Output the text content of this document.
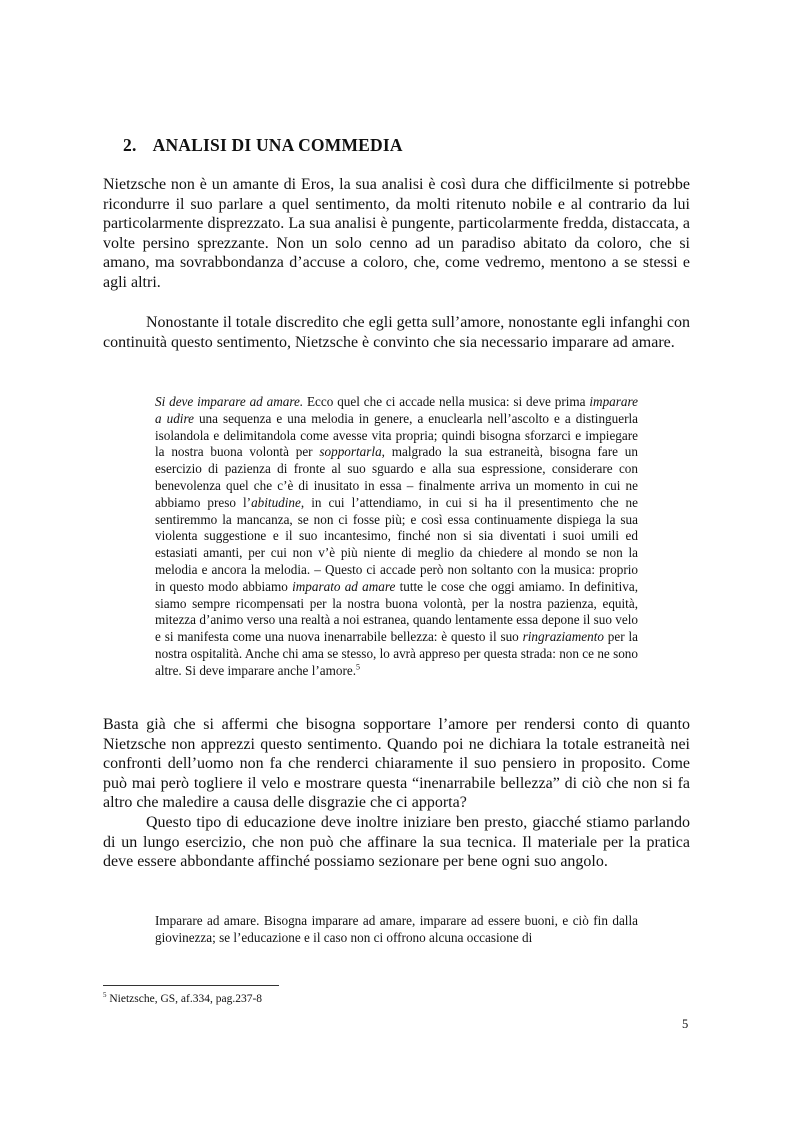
2. ANALISI DI UNA COMMEDIA

Nietzsche non è un amante di Eros, la sua analisi è così dura che difficilmente si potrebbe ricondurre il suo parlare a quel sentimento, da molti ritenuto nobile e al contrario da lui particolarmente disprezzato. La sua analisi è pungente, particolarmente fredda, distaccata, a volte persino sprezzante. Non un solo cenno ad un paradiso abitato da coloro, che si amano, ma sovrabbondanza d’accuse a coloro, che, come vedremo, mentono a se stessi e agli altri.

Nonostante il totale discredito che egli getta sull’amore, nonostante egli infanghi con continuità questo sentimento, Nietzsche è convinto che sia necessario imparare ad amare.

Si deve imparare ad amare. Ecco quel che ci accade nella musica: si deve prima imparare a udire una sequenza e una melodia in genere, a enuclearla nell’ascolto e a distinguerla isolandola e delimitandola come avesse vita propria; quindi bisogna sforzarci e impiegare la nostra buona volontà per sopportarla, malgrado la sua estraneità, bisogna fare un esercizio di pazienza di fronte al suo sguardo e alla sua espressione, considerare con benevolenza quel che c’è di inusitato in essa – finalmente arriva un momento in cui ne abbiamo preso l’abitudine, in cui l’attendiamo, in cui si ha il presentimento che ne sentiremmo la mancanza, se non ci fosse più; e così essa continuamente dispiega la sua violenta suggestione e il suo incantesimo, finché non si sia diventati i suoi umili ed estasiati amanti, per cui non v’è più niente di meglio da chiedere al mondo se non la melodia e ancora la melodia. – Questo ci accade però non soltanto con la musica: proprio in questo modo abbiamo imparato ad amare tutte le cose che oggi amiamo. In definitiva, siamo sempre ricompensati per la nostra buona volontà, per la nostra pazienza, equità, mitezza d’animo verso una realtà a noi estranea, quando lentamente essa depone il suo velo e si manifesta come una nuova inenarrabile bellezza: è questo il suo ringraziamento per la nostra ospitalità. Anche chi ama se stesso, lo avrà appreso per questa strada: non ce ne sono altre. Si deve imparare anche l’amore.$^5$

Basta già che si affermi che bisogna sopportare l’amore per rendersi conto di quanto Nietzsche non apprezzi questo sentimento. Quando poi ne dichiara la totale estraneità nei confronti dell’uomo non fa che renderci chiaramente il suo pensiero in proposito. Come può mai però togliere il velo e mostrare questa “inenarrabile bellezza” di ciò che non si fa altro che maledire a causa delle disgrazie che ci apporta?

Questo tipo di educazione deve inoltre iniziare ben presto, giacché stiamo parlando di un lungo esercizio, che non può che affinare la sua tecnica. Il materiale per la pratica deve essere abbondante affinché possiamo sezionare per bene ogni suo angolo.

Imparare ad amare. Bisogna imparare ad amare, imparare ad essere buoni, e ciò fin dalla giovinezza; se l’educazione e il caso non ci offrono alcuna occasione di

$^5$ Nietzsche, GS, af.334, pag.237-8
5
